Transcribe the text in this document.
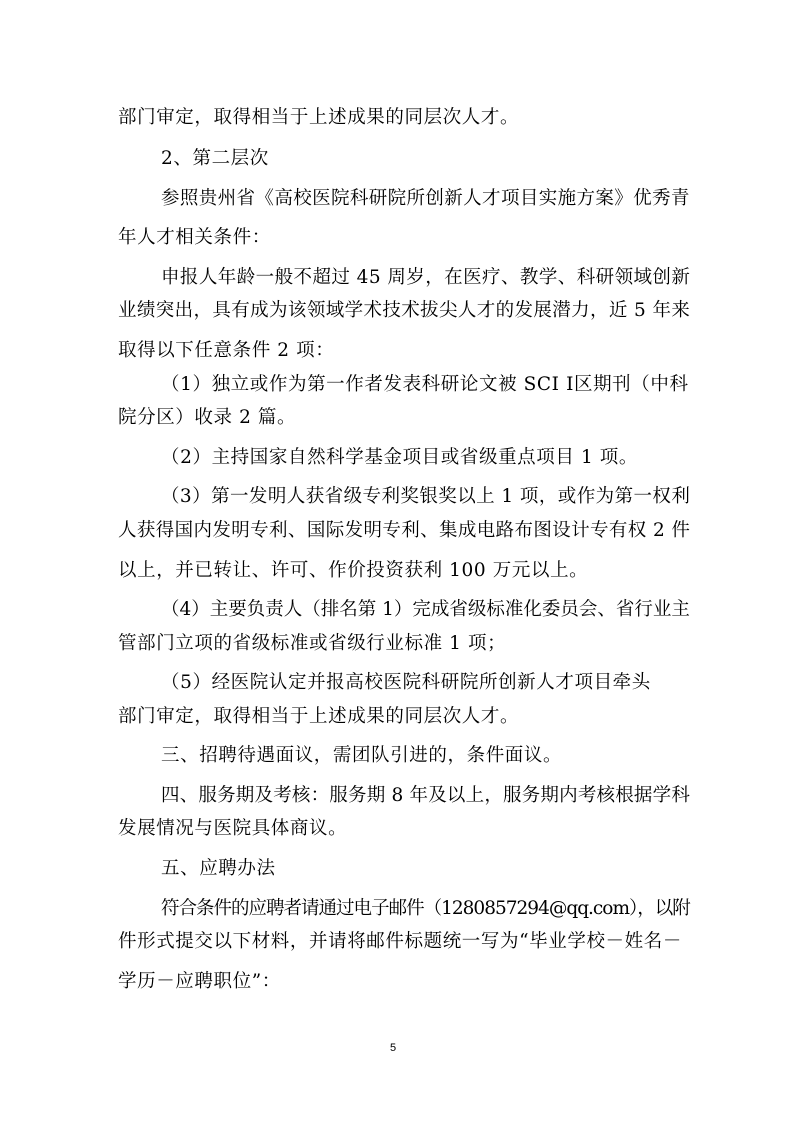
部门审定，取得相当于上述成果的同层次人才。
2、第二层次
参照贵州省《高校医院科研院所创新人才项目实施方案》优秀青
年人才相关条件：
申报人年龄一般不超过 45 周岁，在医疗、教学、科研领域创新
业绩突出，具有成为该领域学术技术拔尖人才的发展潜力，近 5 年来
取得以下任意条件 2 项：
（1）独立或作为第一作者发表科研论文被 SCI Ⅰ区期刊（中科
院分区）收录 2 篇。
（2）主持国家自然科学基金项目或省级重点项目 1 项。
（3）第一发明人获省级专利奖银奖以上 1 项，或作为第一权利
人获得国内发明专利、国际发明专利、集成电路布图设计专有权 2 件
以上，并已转让、许可、作价投资获利 100 万元以上。
（4）主要负责人（排名第 1）完成省级标准化委员会、省行业主
管部门立项的省级标准或省级行业标准 1 项；
（5）经医院认定并报高校医院科研院所创新人才项目牵头
部门审定，取得相当于上述成果的同层次人才。
三、招聘待遇面议，需团队引进的，条件面议。
四、服务期及考核：服务期 8 年及以上，服务期内考核根据学科
发展情况与医院具体商议。
五、应聘办法
符合条件的应聘者请通过电子邮件（1280857294@qq.com），以附
件形式提交以下材料，并请将邮件标题统一写为“毕业学校－姓名－
学历－应聘职位”：
5
